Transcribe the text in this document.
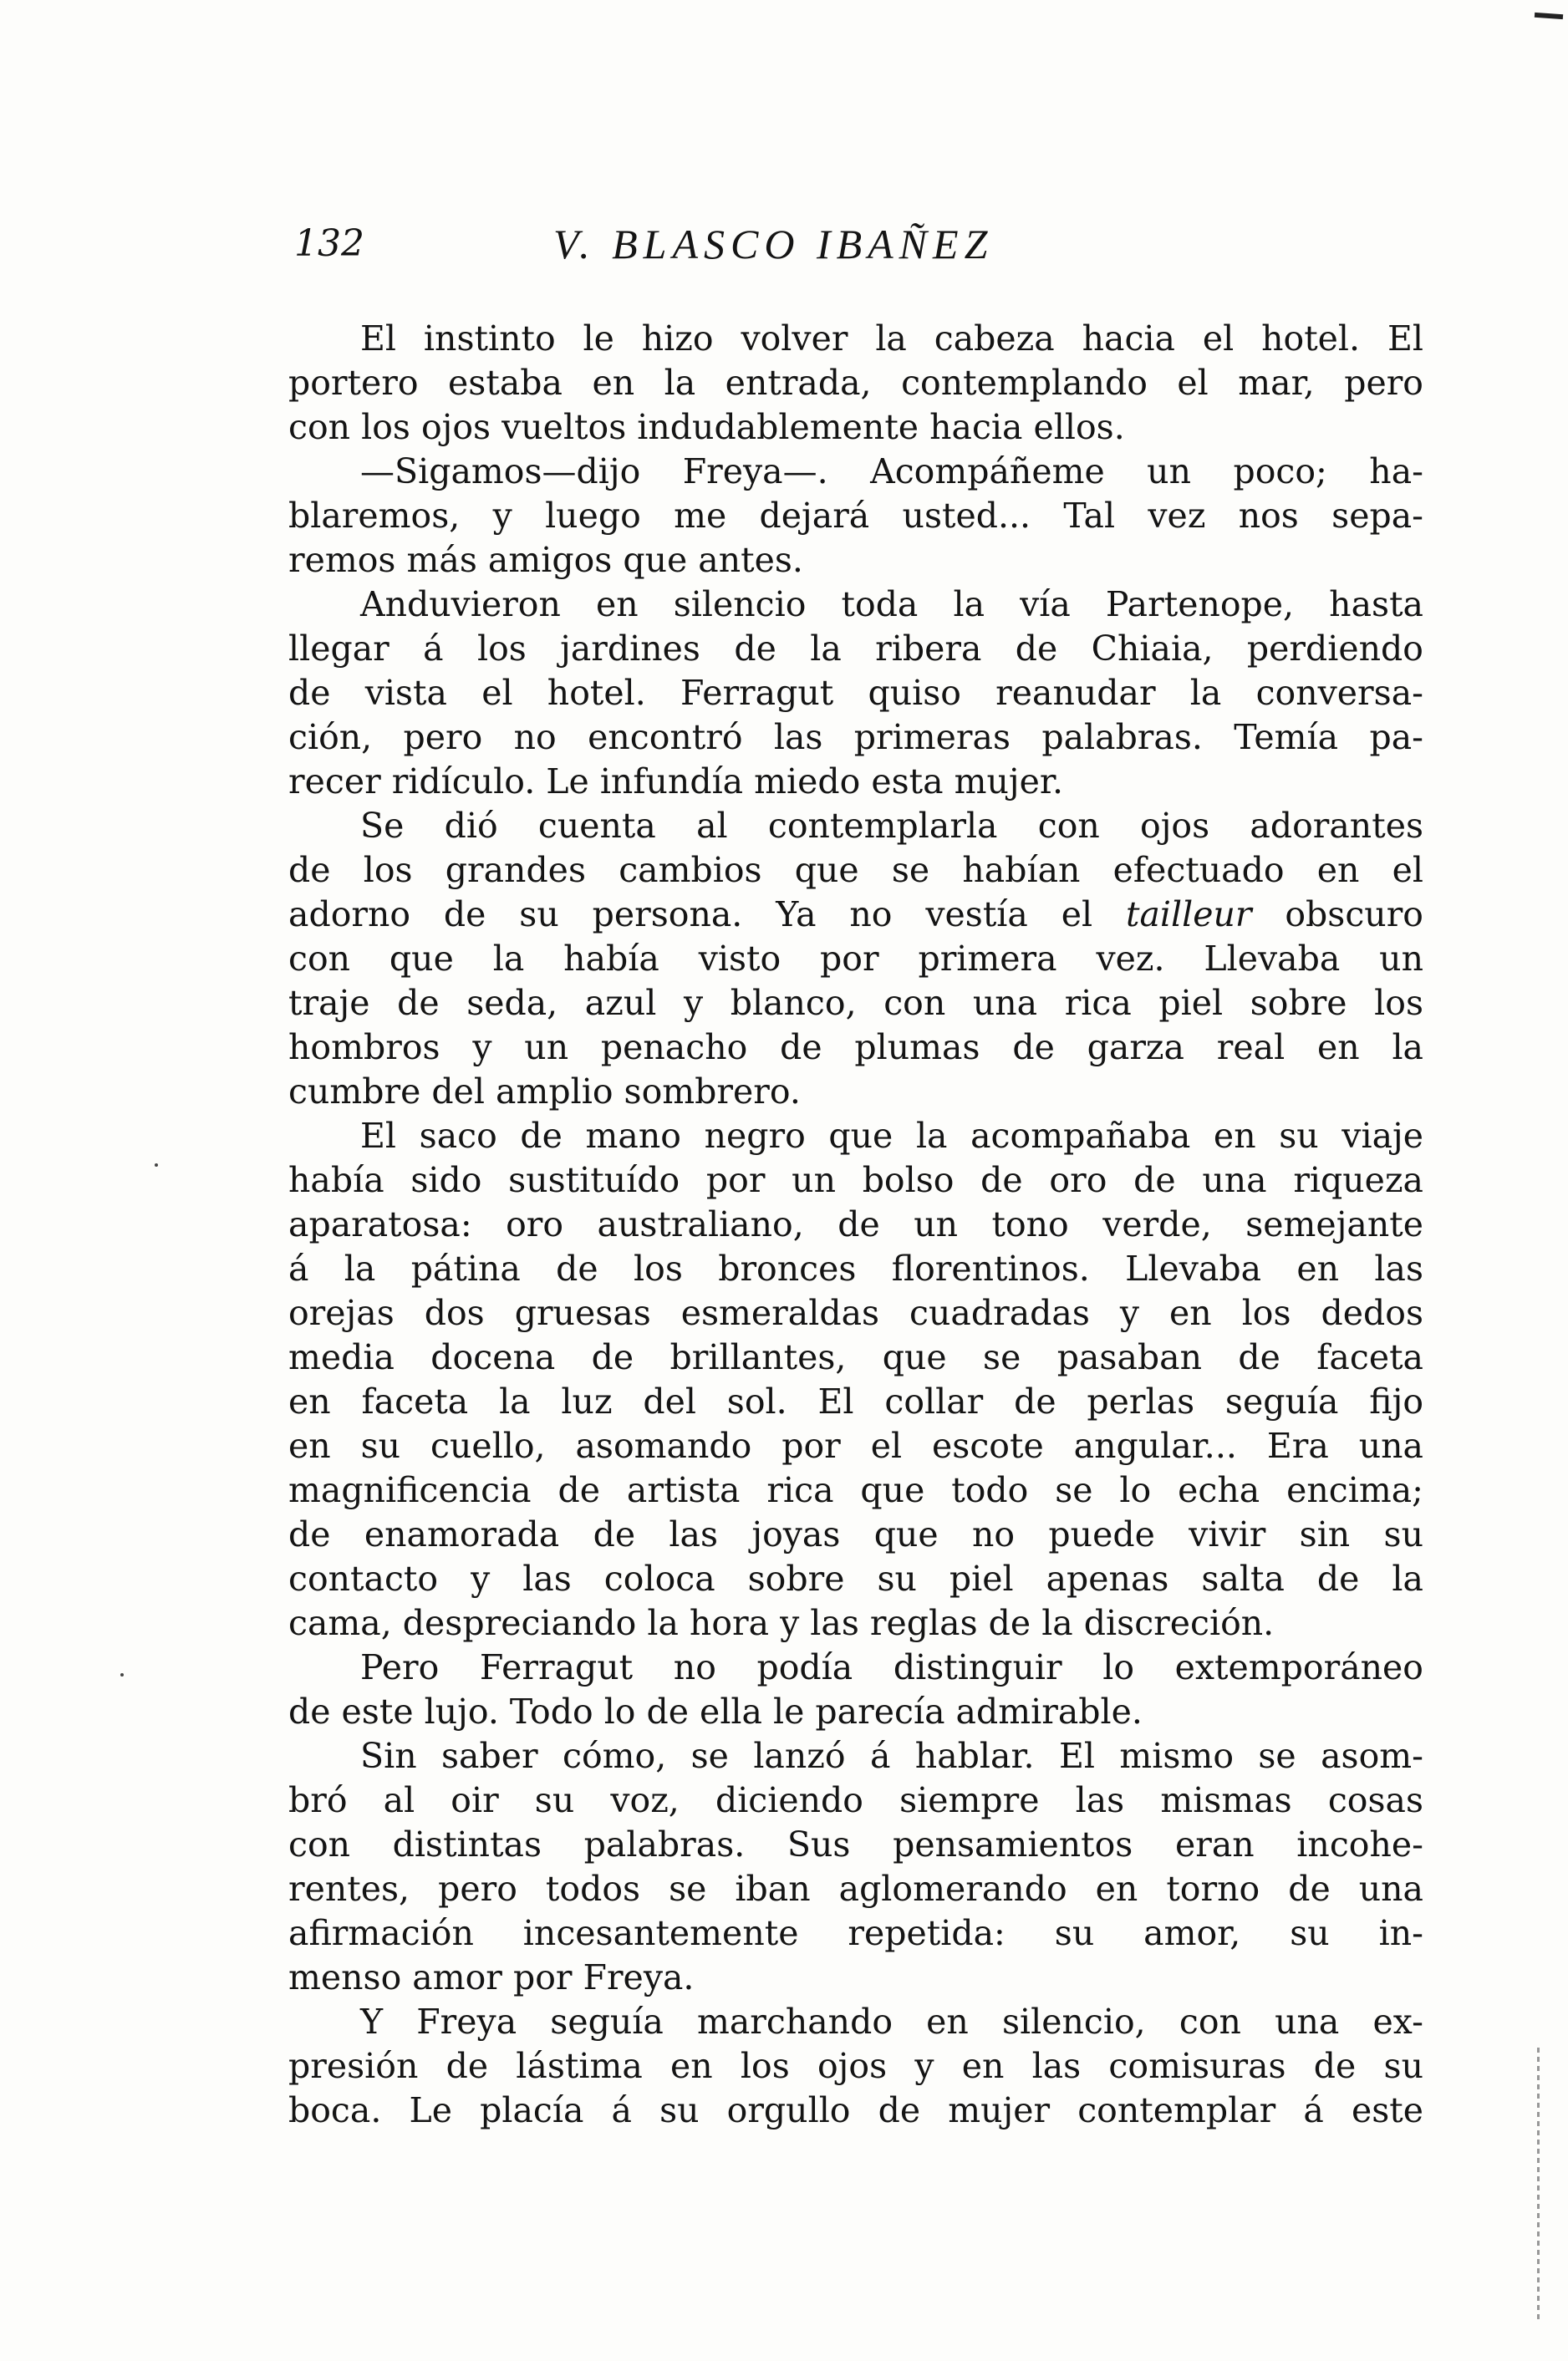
132	V. BLASCO IBAÑEZ
El instinto le hizo volver la cabeza hacia el hotel. El
portero estaba en la entrada, contemplando el mar, pero
con los ojos vueltos indudablemente hacia ellos.
—Sigamos—dijo Freya—. Acompáñeme un poco; ha-
blaremos, y luego me dejará usted... Tal vez nos sepa-
remos más amigos que antes.
Anduvieron en silencio toda la vía Partenope, hasta
llegar á los jardines de la ribera de Chiaia, perdiendo
de vista el hotel. Ferragut quiso reanudar la conversa-
ción, pero no encontró las primeras palabras. Temía pa-
recer ridículo. Le infundía miedo esta mujer.
Se dió cuenta al contemplarla con ojos adorantes
de los grandes cambios que se habían efectuado en el
adorno de su persona. Ya no vestía el tailleur obscuro
con que la había visto por primera vez. Llevaba un
traje de seda, azul y blanco, con una rica piel sobre los
hombros y un penacho de plumas de garza real en la
cumbre del amplio sombrero.
El saco de mano negro que la acompañaba en su viaje
había sido sustituído por un bolso de oro de una riqueza
aparatosa: oro australiano, de un tono verde, semejante
á la pátina de los bronces florentinos. Llevaba en las
orejas dos gruesas esmeraldas cuadradas y en los dedos
media docena de brillantes, que se pasaban de faceta
en faceta la luz del sol. El collar de perlas seguía fijo
en su cuello, asomando por el escote angular... Era una
magnificencia de artista rica que todo se lo echa encima;
de enamorada de las joyas que no puede vivir sin su
contacto y las coloca sobre su piel apenas salta de la
cama, despreciando la hora y las reglas de la discreción.
Pero Ferragut no podía distinguir lo extemporáneo
de este lujo. Todo lo de ella le parecía admirable.
Sin saber cómo, se lanzó á hablar. El mismo se asom-
bró al oir su voz, diciendo siempre las mismas cosas
con distintas palabras. Sus pensamientos eran incohe-
rentes, pero todos se iban aglomerando en torno de una
afirmación incesantemente repetida: su amor, su in-
menso amor por Freya.
Y Freya seguía marchando en silencio, con una ex-
presión de lástima en los ojos y en las comisuras de su
boca. Le placía á su orgullo de mujer contemplar á este
